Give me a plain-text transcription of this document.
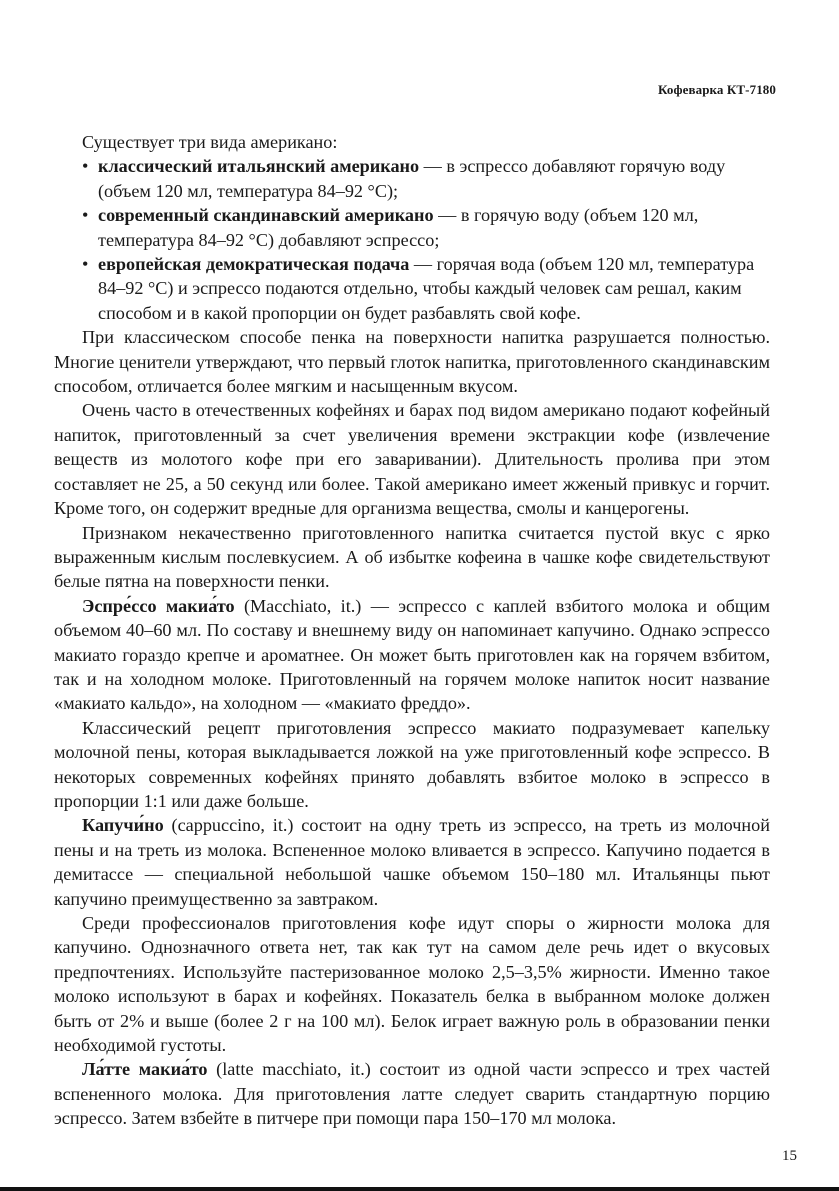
Кофеварка КТ-7180

Существует три вида американо:

• классический итальянский американо — в эспрессо добавляют горячую воду (объем 120 мл, температура 84–92 °С);
• современный скандинавский американо — в горячую воду (объем 120 мл, температура 84–92 °С) добавляют эспрессо;
• европейская демократическая подача — горячая вода (объем 120 мл, температура 84–92 °С) и эспрессо подаются отдельно, чтобы каждый человек сам решал, каким способом и в какой пропорции он будет разбавлять свой кофе.

При классическом способе пенка на поверхности напитка разрушается полностью. Многие ценители утверждают, что первый глоток напитка, приготовленного скандинавским способом, отличается более мягким и насыщенным вкусом.

Очень часто в отечественных кофейнях и барах под видом американо подают кофейный напиток, приготовленный за счет увеличения времени экстракции кофе (извлечение веществ из молотого кофе при его заваривании). Длительность пролива при этом составляет не 25, а 50 секунд или более. Такой американо имеет жженый привкус и горчит. Кроме того, он содержит вредные для организма вещества, смолы и канцерогены.

Признаком некачественно приготовленного напитка считается пустой вкус с ярко выраженным кислым послевкусием. А об избытке кофеина в чашке кофе свидетельствуют белые пятна на поверхности пенки.

Эспре́ссо макиа́то (Macchiato, it.) — эспрессо с каплей взбитого молока и общим объемом 40–60 мл. По составу и внешнему виду он напоминает капучино. Однако эспрессо макиато гораздо крепче и ароматнее. Он может быть приготовлен как на горячем взбитом, так и на холодном молоке. Приготовленный на горячем молоке напиток носит название «макиато кальдо», на холодном — «макиато фреддо».

Классический рецепт приготовления эспрессо макиато подразумевает капельку молочной пены, которая выкладывается ложкой на уже приготовленный кофе эспрессо. В некоторых современных кофейнях принято добавлять взбитое молоко в эспрессо в пропорции 1:1 или даже больше.

Капучи́но (cappuccino, it.) состоит на одну треть из эспрессо, на треть из молочной пены и на треть из молока. Вспененное молоко вливается в эспрессо. Капучино подается в демитассе — специальной небольшой чашке объемом 150–180 мл. Итальянцы пьют капучино преимущественно за завтраком.

Среди профессионалов приготовления кофе идут споры о жирности молока для капучино. Однозначного ответа нет, так как тут на самом деле речь идет о вкусовых предпочтениях. Используйте пастеризованное молоко 2,5–3,5% жирности. Именно такое молоко используют в барах и кофейнях. Показатель белка в выбранном молоке должен быть от 2% и выше (более 2 г на 100 мл). Белок играет важную роль в образовании пенки необходимой густоты.

Ла́тте макиа́то (latte macchiato, it.) состоит из одной части эспрессо и трех частей вспененного молока. Для приготовления латте следует сварить стандартную порцию эспрессо. Затем взбейте в питчере при помощи пара 150–170 мл молока.

15
